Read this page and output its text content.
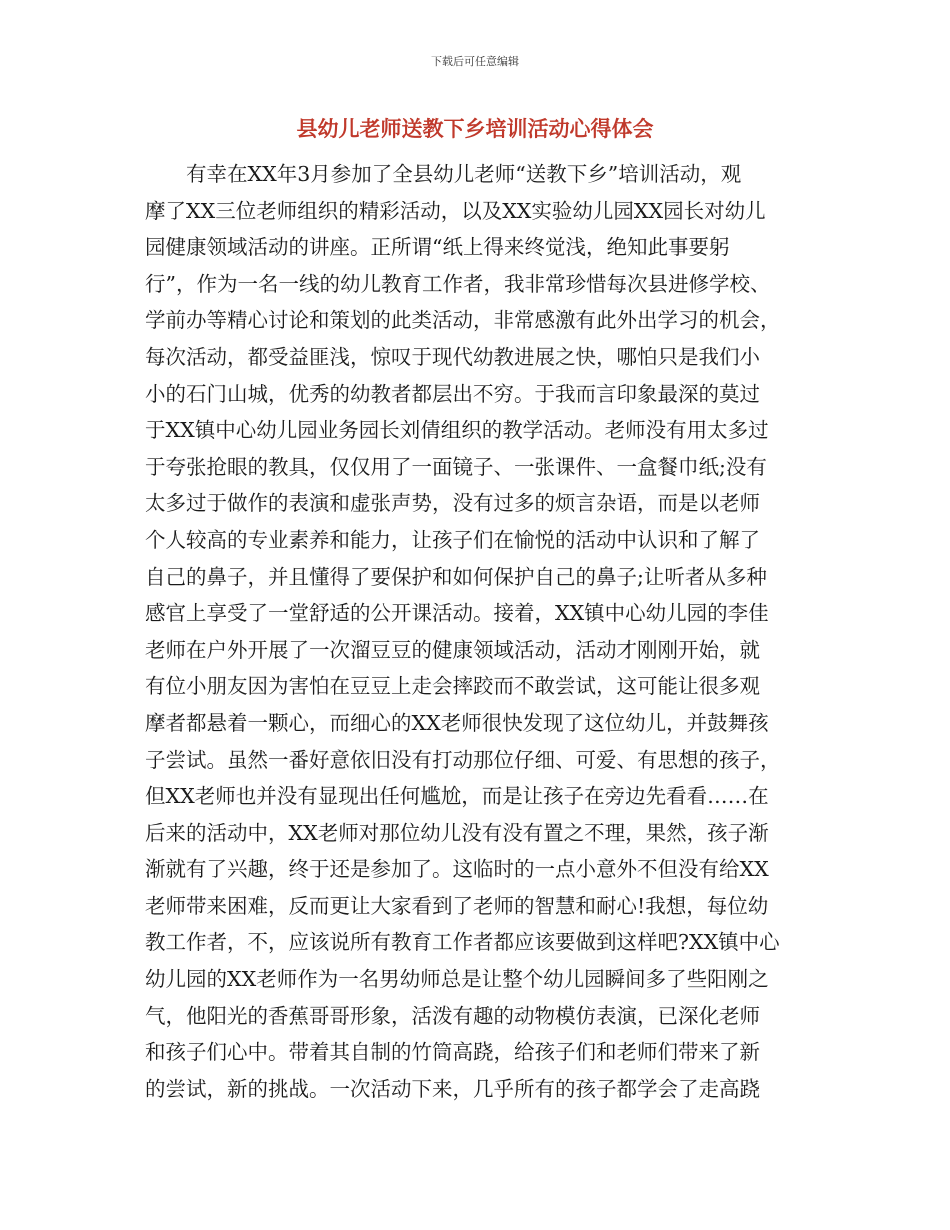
下载后可任意编辑
县幼儿老师送教下乡培训活动心得体会
有幸在XX年3月参加了全县幼儿老师“送教下乡”培训活动，观
摩了XX三位老师组织的精彩活动，以及XX实验幼儿园XX园长对幼儿
园健康领域活动的讲座。正所谓“纸上得来终觉浅，绝知此事要躬
行”，作为一名一线的幼儿教育工作者，我非常珍惜每次县进修学校、
学前办等精心讨论和策划的此类活动，非常感激有此外出学习的机会，
每次活动，都受益匪浅，惊叹于现代幼教进展之快，哪怕只是我们小
小的石门山城，优秀的幼教者都层出不穷。于我而言印象最深的莫过
于XX镇中心幼儿园业务园长刘倩组织的教学活动。老师没有用太多过
于夸张抢眼的教具，仅仅用了一面镜子、一张课件、一盒餐巾纸;没有
太多过于做作的表演和虚张声势，没有过多的烦言杂语，而是以老师
个人较高的专业素养和能力，让孩子们在愉悦的活动中认识和了解了
自己的鼻子，并且懂得了要保护和如何保护自己的鼻子;让听者从多种
感官上享受了一堂舒适的公开课活动。接着，XX镇中心幼儿园的李佳
老师在户外开展了一次溜豆豆的健康领域活动，活动才刚刚开始，就
有位小朋友因为害怕在豆豆上走会摔跤而不敢尝试，这可能让很多观
摩者都悬着一颗心，而细心的XX老师很快发现了这位幼儿，并鼓舞孩
子尝试。虽然一番好意依旧没有打动那位仔细、可爱、有思想的孩子，
但XX老师也并没有显现出任何尴尬，而是让孩子在旁边先看看……在
后来的活动中，XX老师对那位幼儿没有没有置之不理，果然，孩子渐
渐就有了兴趣，终于还是参加了。这临时的一点小意外不但没有给XX
老师带来困难，反而更让大家看到了老师的智慧和耐心!我想，每位幼
教工作者，不，应该说所有教育工作者都应该要做到这样吧?XX镇中心
幼儿园的XX老师作为一名男幼师总是让整个幼儿园瞬间多了些阳刚之
气，他阳光的香蕉哥哥形象，活泼有趣的动物模仿表演，已深化老师
和孩子们心中。带着其自制的竹筒高跷，给孩子们和老师们带来了新
的尝试，新的挑战。一次活动下来，几乎所有的孩子都学会了走高跷
